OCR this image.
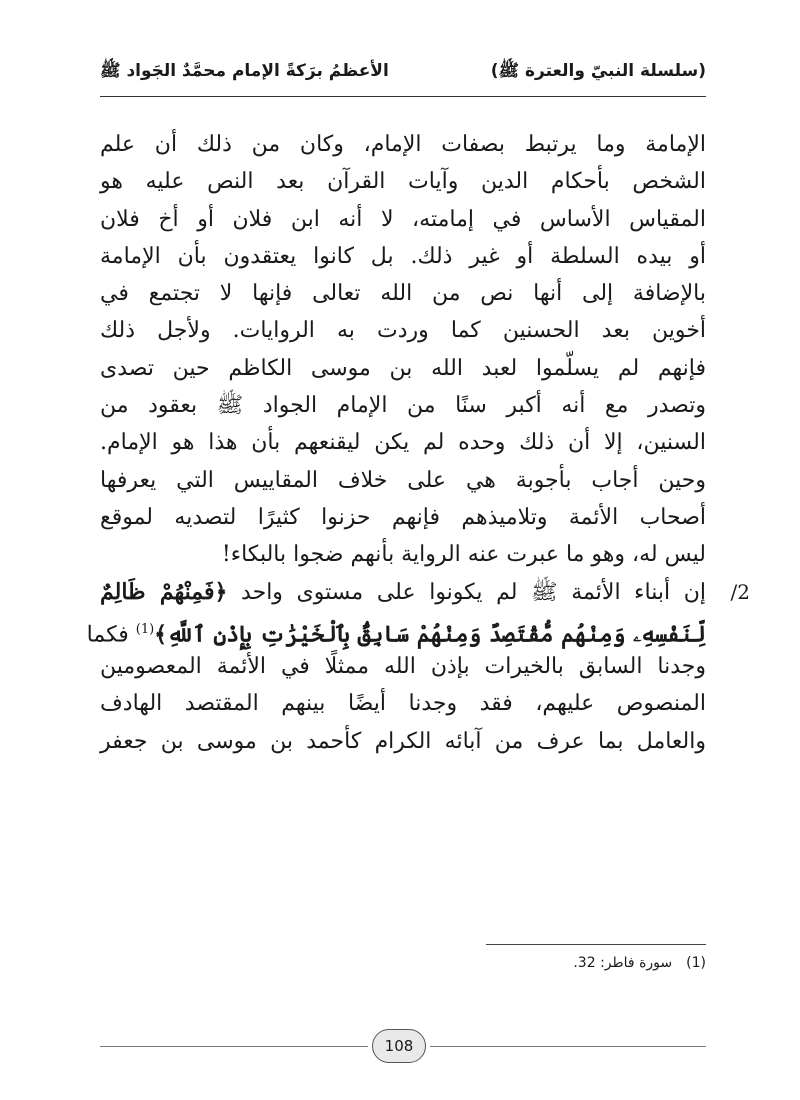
(سلسلة النبيّ والعترة ﷺ)
الأعظمُ برَكةً الإمام محمَّدٌ الجَواد ﷺ
الإمامة وما يرتبط بصفات الإمام، وكان من ذلك أن علم
الشخص بأحكام الدين وآيات القرآن بعد النص عليه هو
المقياس الأساس في إمامته، لا أنه ابن فلان أو أخ فلان
أو بيده السلطة أو غير ذلك. بل كانوا يعتقدون بأن الإمامة
بالإضافة إلى أنها نص من الله تعالى فإنها لا تجتمع في
أخوين بعد الحسنين كما وردت به الروايات. ولأجل ذلك
فإنهم لم يسلّموا لعبد الله بن موسى الكاظم حين تصدى
وتصدر مع أنه أكبر سنًا من الإمام الجواد ﷺ بعقود من
السنين، إلا أن ذلك وحده لم يكن ليقنعهم بأن هذا هو الإمام.
وحين أجاب بأجوبة هي على خلاف المقاييس التي يعرفها
أصحاب الأئمة وتلاميذهم فإنهم حزنوا كثيرًا لتصديه لموقع
ليس له، وهو ما عبرت عنه الرواية بأنهم ضجوا بالبكاء!
/2
إن أبناء الأئمة ﷺ لم يكونوا على مستوى واحد ﴿فَمِنْهُمْ ظَالِمٌ
لِّنَفْسِهِۦ وَمِنْهُم مُّقْتَصِدٌ وَمِنْهُمْ سَابِقٌۢ بِٱلْخَيْرَٰتِ بِإِذْنِ ٱللَّهِ﴾$^{(1)}$ فكما
وجدنا السابق بالخيرات بإذن الله ممثلًا في الأئمة المعصومين
المنصوص عليهم، فقد وجدنا أيضًا بينهم المقتصد الهادف
والعامل بما عرف من آبائه الكرام كأحمد بن موسى بن جعفر
(1)
سورة فاطر: 32.
108
